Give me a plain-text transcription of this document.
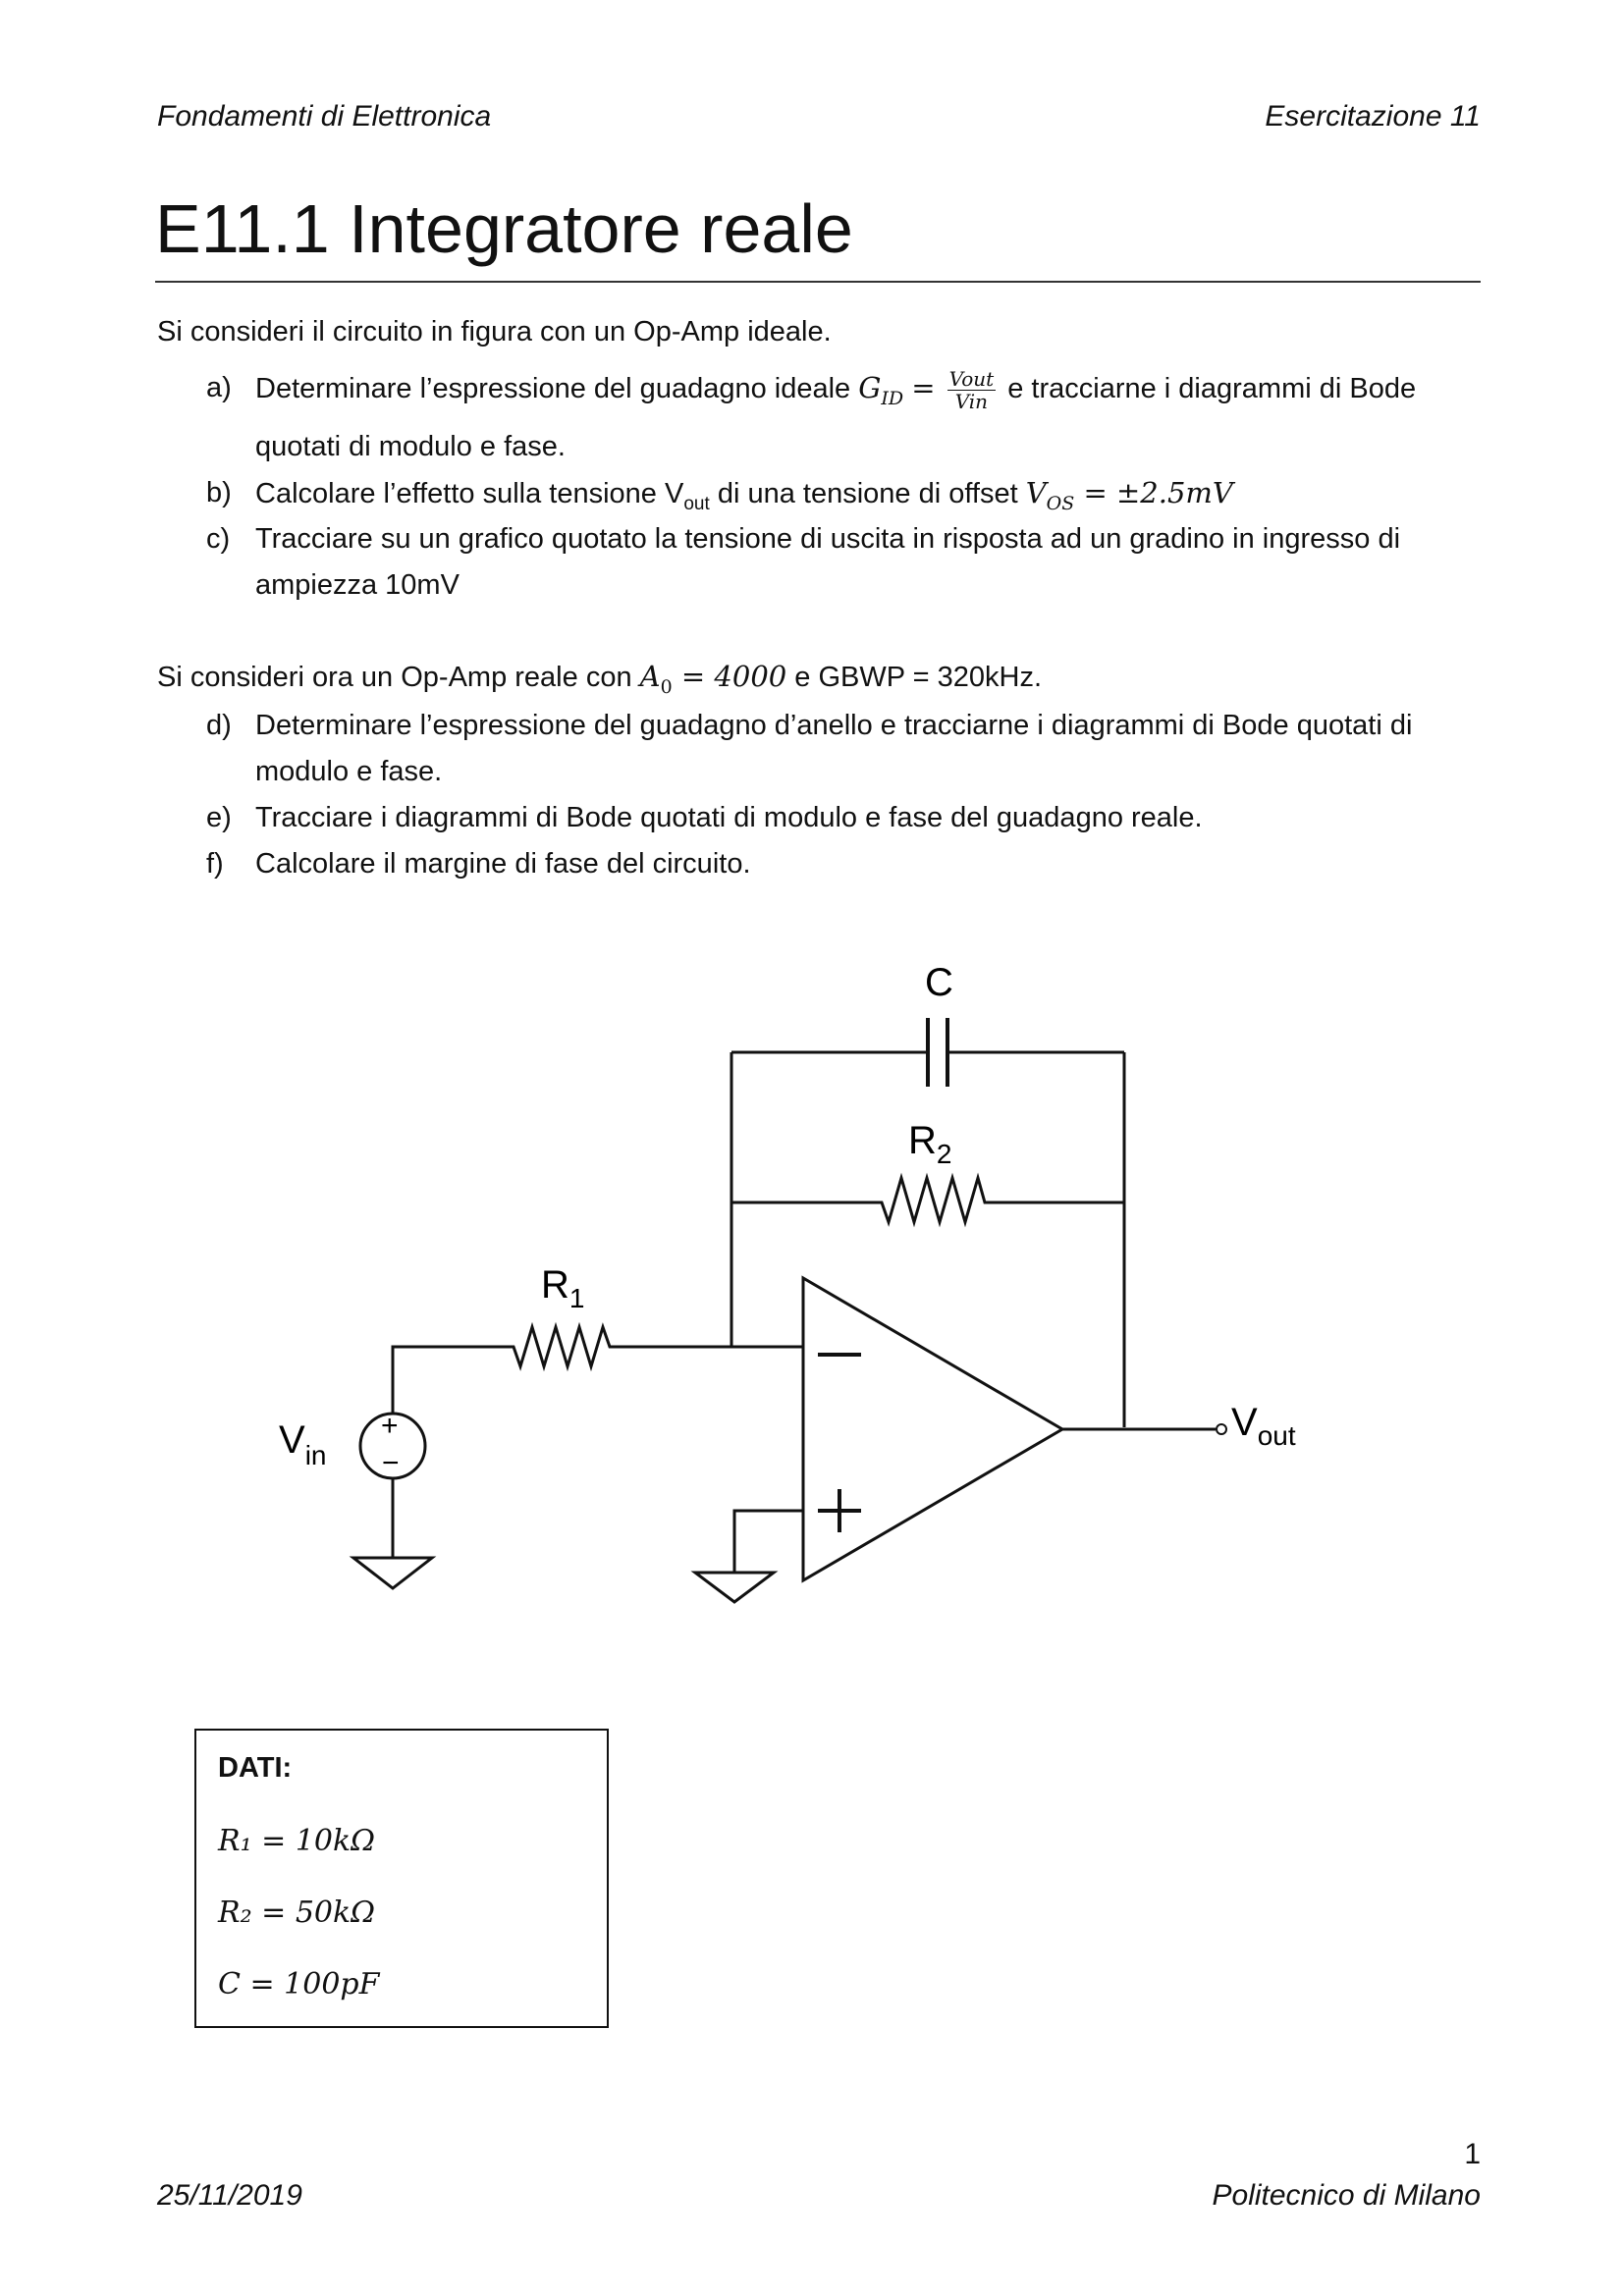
Fondamenti di Elettronica	Esercitazione 11
E11.1 Integratore reale
Si consideri il circuito in figura con un Op-Amp ideale.
a) Determinare l’espressione del guadagno ideale $G_{ID} = \frac{\text{Vout}}{\text{Vin}}$ e tracciarne i diagrammi di Bode
quotati di modulo e fase.
b) Calcolare l’effetto sulla tensione $V_{out}$ di una tensione di offset $V_{OS} = \pm 2.5mV$
c) Tracciare su un grafico quotato la tensione di uscita in risposta ad un gradino in ingresso di
ampiezza 10mV
Si consideri ora un Op-Amp reale con $A_0 = 4000$ e GBWP = 320kHz.
d) Determinare l’espressione del guadagno d’anello e tracciarne i diagrammi di Bode quotati di
modulo e fase.
e) Tracciare i diagrammi di Bode quotati di modulo e fase del guadagno reale.
f)	Calcolare il margine di fase del circuito.
C
$R_2$
$R_1$
$V_{in}$
$V_{out}$
+
−
DATI:
R₁ = 10kΩ
R₂ = 50kΩ
C = 100pF
1
25/11/2019	Politecnico di Milano
